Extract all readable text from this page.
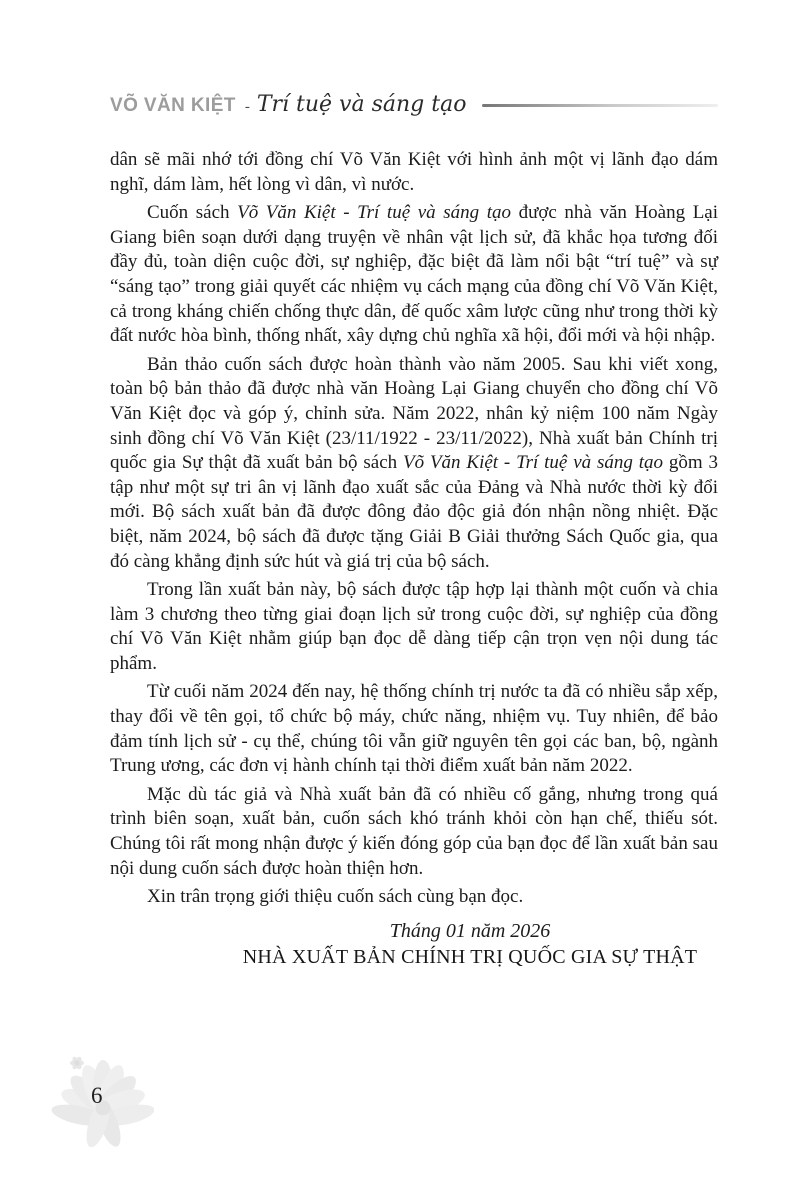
VÕ VĂN KIỆT - Trí tuệ và sáng tạo

dân sẽ mãi nhớ tới đồng chí Võ Văn Kiệt với hình ảnh một vị lãnh đạo dám nghĩ, dám làm, hết lòng vì dân, vì nước.

Cuốn sách Võ Văn Kiệt - Trí tuệ và sáng tạo được nhà văn Hoàng Lại Giang biên soạn dưới dạng truyện về nhân vật lịch sử, đã khắc họa tương đối đầy đủ, toàn diện cuộc đời, sự nghiệp, đặc biệt đã làm nổi bật “trí tuệ” và sự “sáng tạo” trong giải quyết các nhiệm vụ cách mạng của đồng chí Võ Văn Kiệt, cả trong kháng chiến chống thực dân, đế quốc xâm lược cũng như trong thời kỳ đất nước hòa bình, thống nhất, xây dựng chủ nghĩa xã hội, đổi mới và hội nhập.

Bản thảo cuốn sách được hoàn thành vào năm 2005. Sau khi viết xong, toàn bộ bản thảo đã được nhà văn Hoàng Lại Giang chuyển cho đồng chí Võ Văn Kiệt đọc và góp ý, chỉnh sửa. Năm 2022, nhân kỷ niệm 100 năm Ngày sinh đồng chí Võ Văn Kiệt (23/11/1922 - 23/11/2022), Nhà xuất bản Chính trị quốc gia Sự thật đã xuất bản bộ sách Võ Văn Kiệt - Trí tuệ và sáng tạo gồm 3 tập như một sự tri ân vị lãnh đạo xuất sắc của Đảng và Nhà nước thời kỳ đổi mới. Bộ sách xuất bản đã được đông đảo độc giả đón nhận nồng nhiệt. Đặc biệt, năm 2024, bộ sách đã được tặng Giải B Giải thưởng Sách Quốc gia, qua đó càng khẳng định sức hút và giá trị của bộ sách.

Trong lần xuất bản này, bộ sách được tập hợp lại thành một cuốn và chia làm 3 chương theo từng giai đoạn lịch sử trong cuộc đời, sự nghiệp của đồng chí Võ Văn Kiệt nhằm giúp bạn đọc dễ dàng tiếp cận trọn vẹn nội dung tác phẩm.

Từ cuối năm 2024 đến nay, hệ thống chính trị nước ta đã có nhiều sắp xếp, thay đổi về tên gọi, tổ chức bộ máy, chức năng, nhiệm vụ. Tuy nhiên, để bảo đảm tính lịch sử - cụ thể, chúng tôi vẫn giữ nguyên tên gọi các ban, bộ, ngành Trung ương, các đơn vị hành chính tại thời điểm xuất bản năm 2022.

Mặc dù tác giả và Nhà xuất bản đã có nhiều cố gắng, nhưng trong quá trình biên soạn, xuất bản, cuốn sách khó tránh khỏi còn hạn chế, thiếu sót. Chúng tôi rất mong nhận được ý kiến đóng góp của bạn đọc để lần xuất bản sau nội dung cuốn sách được hoàn thiện hơn.

Xin trân trọng giới thiệu cuốn sách cùng bạn đọc.

Tháng 01 năm 2026
NHÀ XUẤT BẢN CHÍNH TRỊ QUỐC GIA SỰ THẬT
6
